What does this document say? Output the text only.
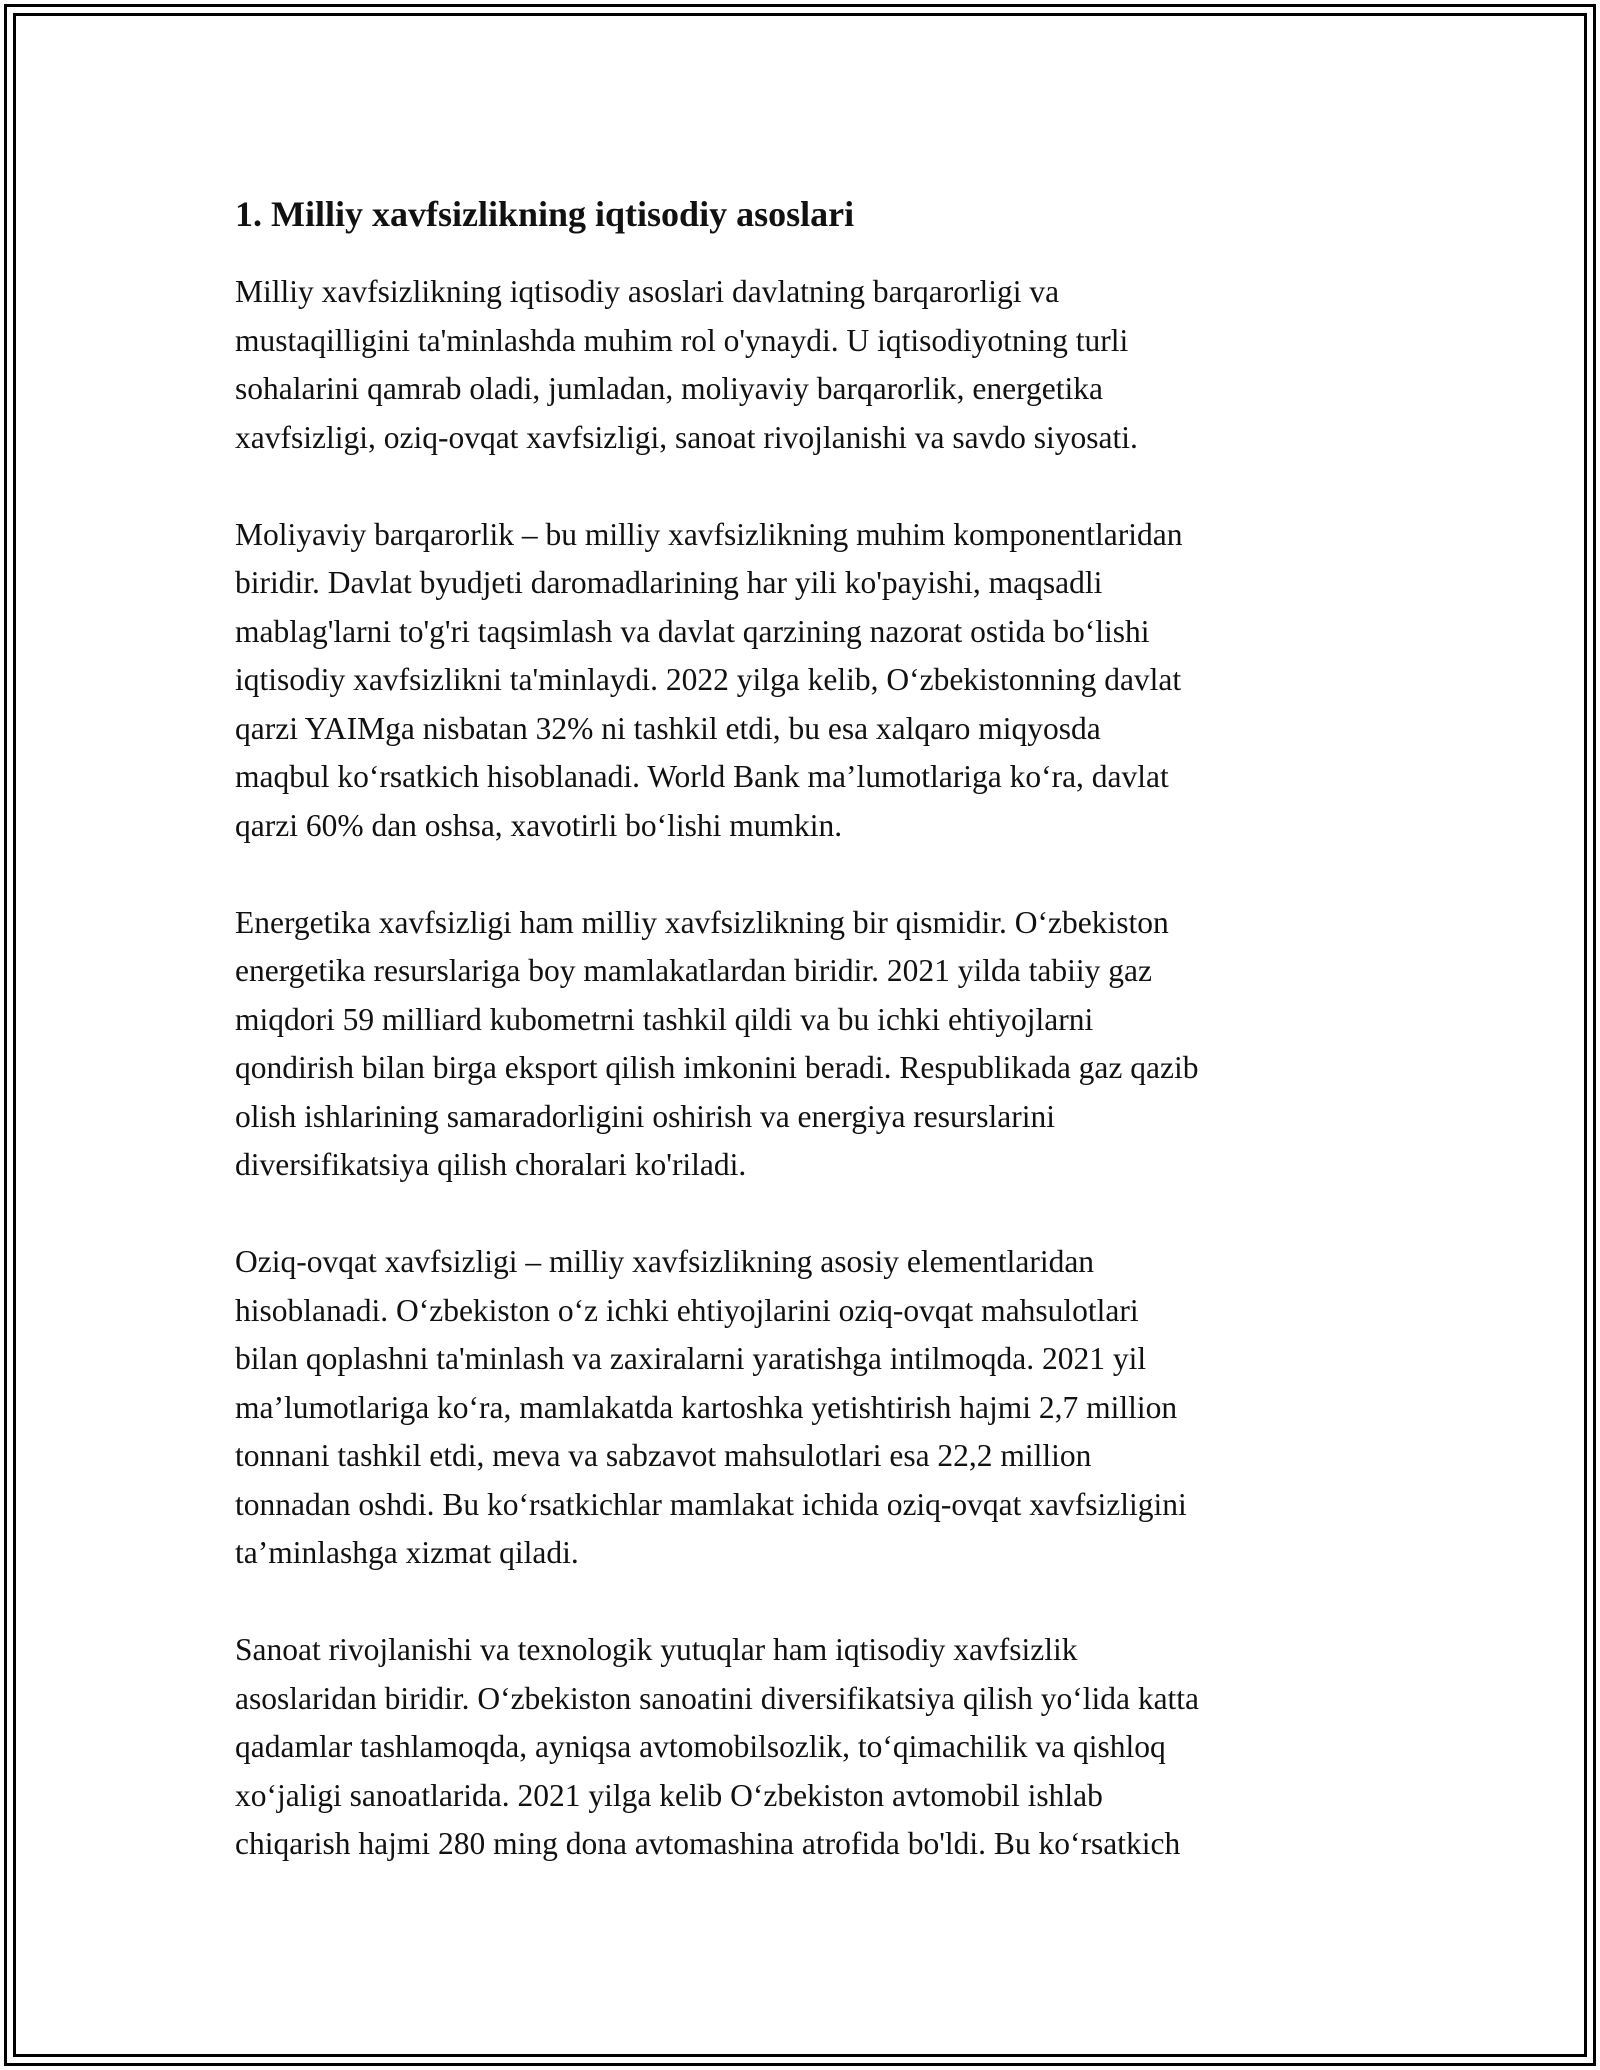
1. Milliy xavfsizlikning iqtisodiy asoslari

Milliy xavfsizlikning iqtisodiy asoslari davlatning barqarorligi va
mustaqilligini ta'minlashda muhim rol o'ynaydi. U iqtisodiyotning turli
sohalarini qamrab oladi, jumladan, moliyaviy barqarorlik, energetika
xavfsizligi, oziq-ovqat xavfsizligi, sanoat rivojlanishi va savdo siyosati.

Moliyaviy barqarorlik – bu milliy xavfsizlikning muhim komponentlaridan
biridir. Davlat byudjeti daromadlarining har yili ko'payishi, maqsadli
mablag'larni to'g'ri taqsimlash va davlat qarzining nazorat ostida bo‘lishi
iqtisodiy xavfsizlikni ta'minlaydi. 2022 yilga kelib, O‘zbekistonning davlat
qarzi YAIMga nisbatan 32% ni tashkil etdi, bu esa xalqaro miqyosda
maqbul ko‘rsatkich hisoblanadi. World Bank ma’lumotlariga ko‘ra, davlat
qarzi 60% dan oshsa, xavotirli bo‘lishi mumkin.

Energetika xavfsizligi ham milliy xavfsizlikning bir qismidir. O‘zbekiston
energetika resurslariga boy mamlakatlardan biridir. 2021 yilda tabiiy gaz
miqdori 59 milliard kubometrni tashkil qildi va bu ichki ehtiyojlarni
qondirish bilan birga eksport qilish imkonini beradi. Respublikada gaz qazib
olish ishlarining samaradorligini oshirish va energiya resurslarini
diversifikatsiya qilish choralari ko'riladi.

Oziq-ovqat xavfsizligi – milliy xavfsizlikning asosiy elementlaridan
hisoblanadi. O‘zbekiston o‘z ichki ehtiyojlarini oziq-ovqat mahsulotlari
bilan qoplashni ta'minlash va zaxiralarni yaratishga intilmoqda. 2021 yil
ma’lumotlariga ko‘ra, mamlakatda kartoshka yetishtirish hajmi 2,7 million
tonnani tashkil etdi, meva va sabzavot mahsulotlari esa 22,2 million
tonnadan oshdi. Bu ko‘rsatkichlar mamlakat ichida oziq-ovqat xavfsizligini
ta’minlashga xizmat qiladi.

Sanoat rivojlanishi va texnologik yutuqlar ham iqtisodiy xavfsizlik
asoslaridan biridir. O‘zbekiston sanoatini diversifikatsiya qilish yo‘lida katta
qadamlar tashlamoqda, ayniqsa avtomobilsozlik, to‘qimachilik va qishloq
xo‘jaligi sanoatlarida. 2021 yilga kelib O‘zbekiston avtomobil ishlab
chiqarish hajmi 280 ming dona avtomashina atrofida bo'ldi. Bu ko‘rsatkich
